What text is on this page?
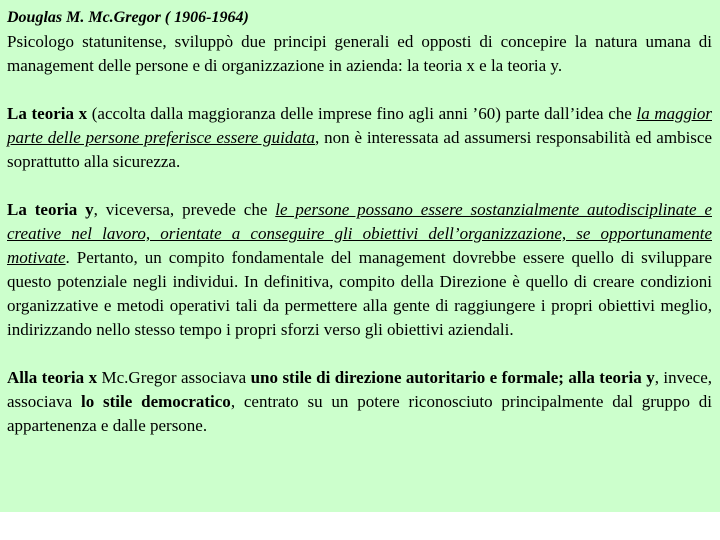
Douglas M. Mc.Gregor ( 1906-1964)

Psicologo statunitense, sviluppò due principi generali ed opposti di concepire la natura umana di management delle persone e di organizzazione in azienda: la teoria x e la teoria y.

La teoria x (accolta dalla maggioranza delle imprese fino agli anni ’60) parte dall’idea che la maggior parte delle persone preferisce essere guidata, non è interessata ad assumersi responsabilità ed ambisce soprattutto alla sicurezza.

La teoria y, viceversa, prevede che le persone possano essere sostanzialmente autodisciplinate e creative nel lavoro, orientate a conseguire gli obiettivi dell’organizzazione, se opportunamente motivate. Pertanto, un compito fondamentale del management dovrebbe essere quello di sviluppare questo potenziale negli individui. In definitiva, compito della Direzione è quello di creare condizioni organizzative e metodi operativi tali da permettere alla gente di raggiungere i propri obiettivi meglio, indirizzando nello stesso tempo i propri sforzi verso gli obiettivi aziendali.

Alla teoria x Mc.Gregor associava uno stile di direzione autoritario e formale; alla teoria y, invece, associava lo stile democratico, centrato su un potere riconosciuto principalmente dal gruppo di appartenenza e dalle persone.
